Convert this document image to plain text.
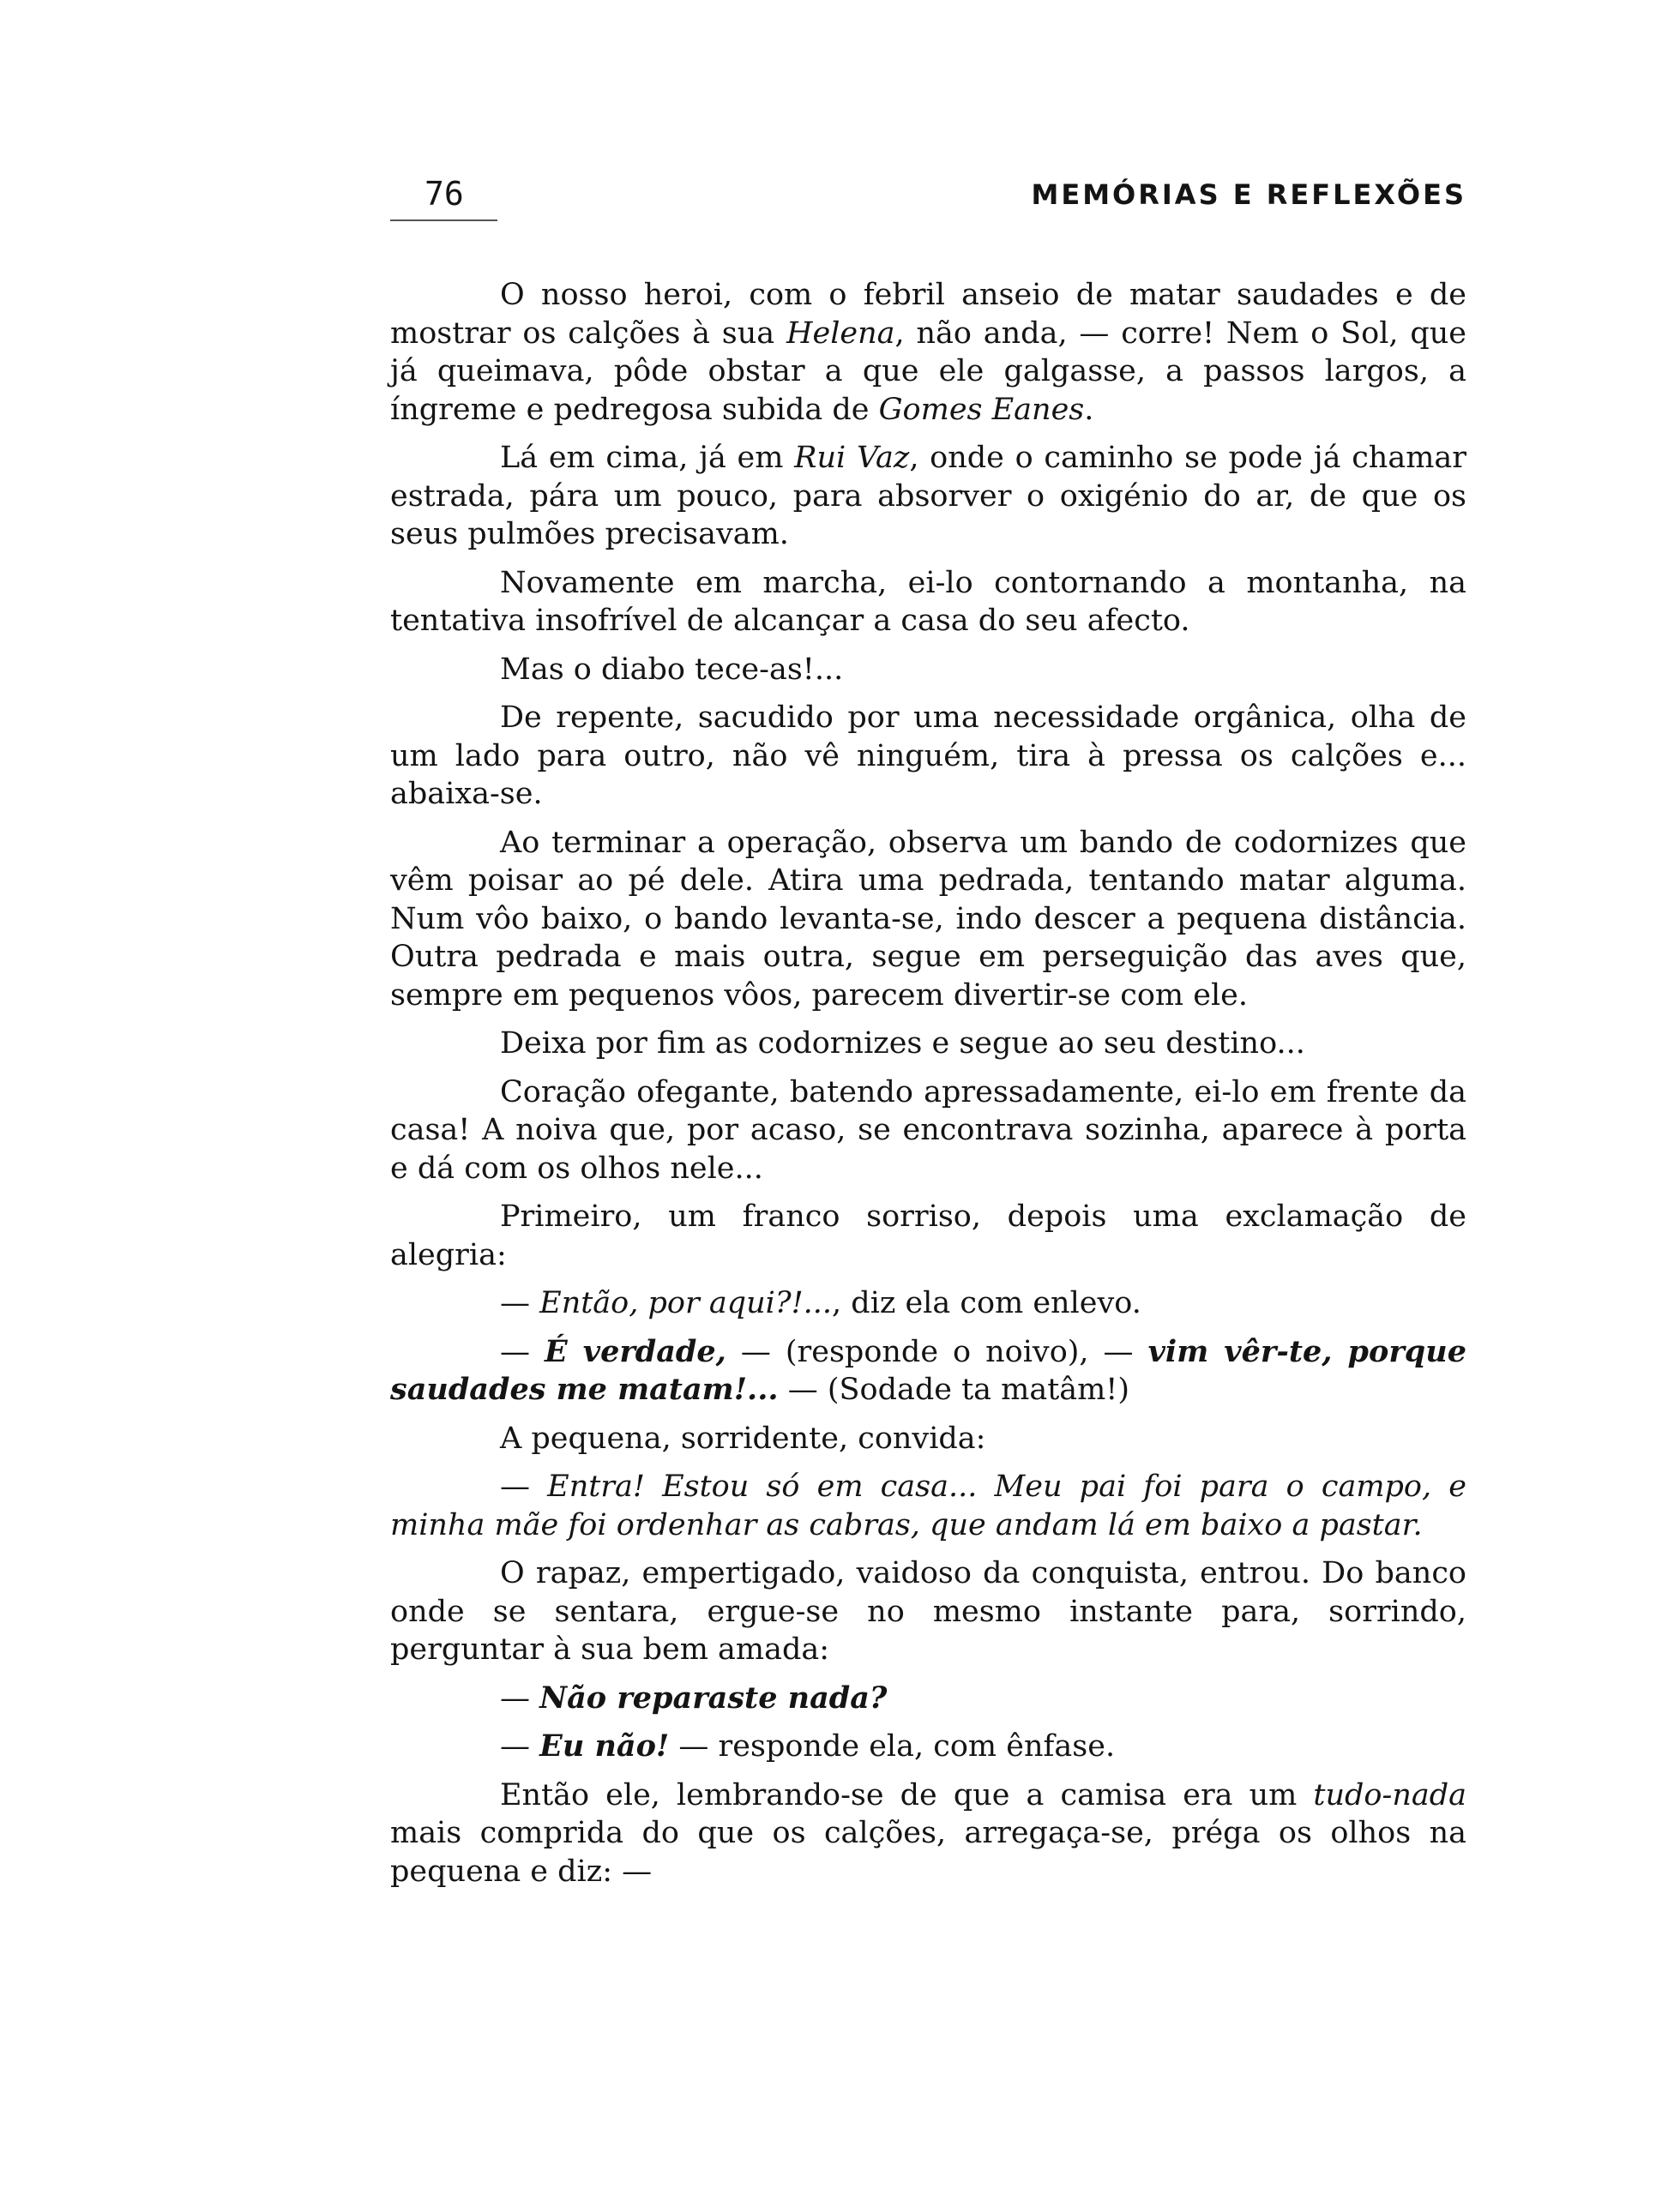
76	MEMÓRIAS E REFLEXÕES

O nosso heroi, com o febril anseio de matar saudades e de mostrar os calções à sua Helena, não anda, — corre! Nem o Sol, que já queimava, pôde obstar a que ele galgasse, a passos largos, a íngreme e pedregosa subida de Gomes Eanes.

Lá em cima, já em Rui Vaz, onde o caminho se pode já chamar estrada, pára um pouco, para absorver o oxigénio do ar, de que os seus pulmões precisavam.

Novamente em marcha, ei-lo contornando a montanha, na tentativa insofrível de alcançar a casa do seu afecto.

Mas o diabo tece-as!...

De repente, sacudido por uma necessidade orgânica, olha de um lado para outro, não vê ninguém, tira à pressa os calções e... abaixa-se.

Ao terminar a operação, observa um bando de codornizes que vêm poisar ao pé dele. Atira uma pedrada, tentando matar alguma. Num vôo baixo, o bando levanta-se, indo descer a pequena distância. Outra pedrada e mais outra, segue em perseguição das aves que, sempre em pequenos vôos, parecem divertir-se com ele.

Deixa por fim as codornizes e segue ao seu destino...

Coração ofegante, batendo apressadamente, ei-lo em frente da casa! A noiva que, por acaso, se encontrava sozinha, aparece à porta e dá com os olhos nele...

Primeiro, um franco sorriso, depois uma exclamação de alegria:

— Então, por aqui?!..., diz ela com enlevo.

— É verdade, — (responde o noivo), — vim vêr-te, porque saudades me matam!... — (Sodade ta matâm!)

A pequena, sorridente, convida:

— Entra! Estou só em casa... Meu pai foi para o campo, e minha mãe foi ordenhar as cabras, que andam lá em baixo a pastar.

O rapaz, empertigado, vaidoso da conquista, entrou. Do banco onde se sentara, ergue-se no mesmo instante para, sorrindo, perguntar à sua bem amada:

— Não reparaste nada?

— Eu não! — responde ela, com ênfase.

Então ele, lembrando-se de que a camisa era um tudo-nada mais comprida do que os calções, arregaça-se, préga os olhos na pequena e diz: —
